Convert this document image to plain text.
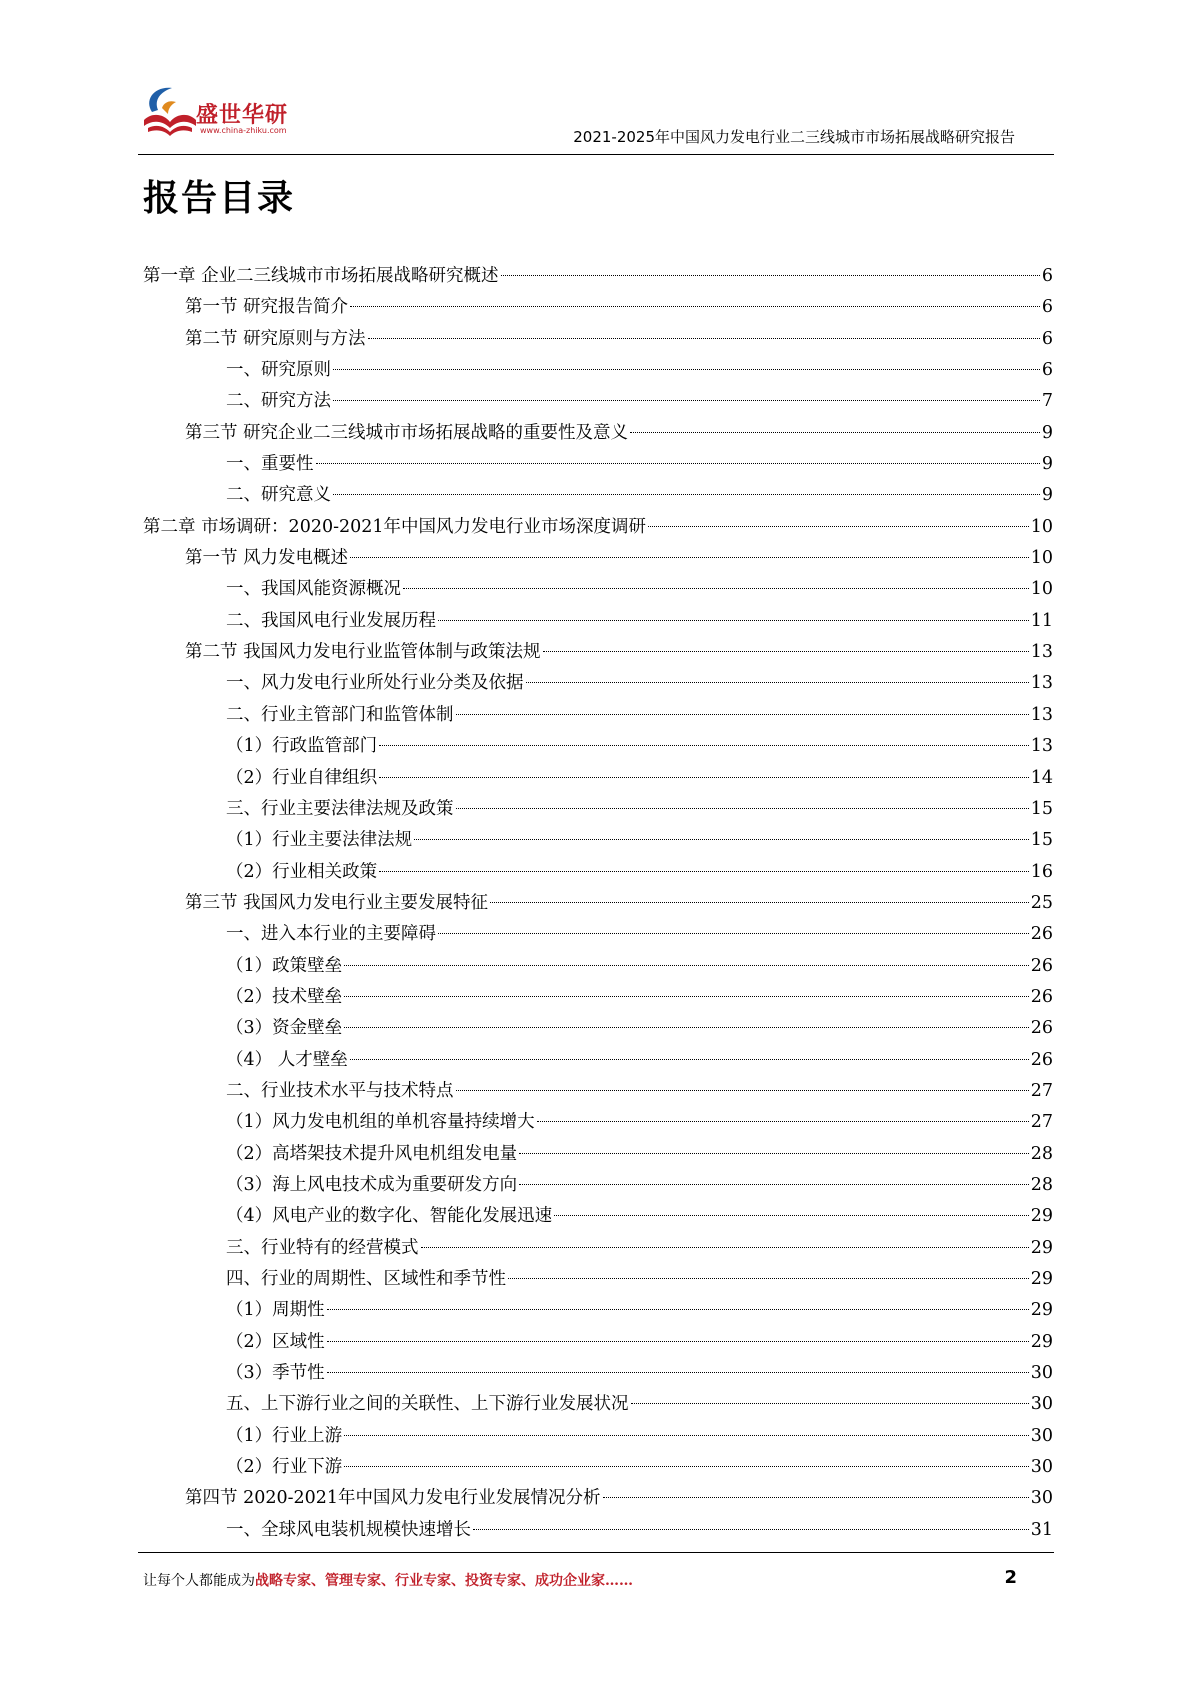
盛世华研
www.china-zhiku.com	2021-2025年中国风力发电行业二三线城市市场拓展战略研究报告
报告目录
第一章 企业二三线城市市场拓展战略研究概述	6
第一节 研究报告简介	6
第二节 研究原则与方法	6
一、研究原则	6
二、研究方法	7
第三节 研究企业二三线城市市场拓展战略的重要性及意义	9
一、重要性	9
二、研究意义	9
第二章 市场调研：2020-2021年中国风力发电行业市场深度调研	10
第一节 风力发电概述	10
一、我国风能资源概况	10
二、我国风电行业发展历程	11
第二节 我国风力发电行业监管体制与政策法规	13
一、风力发电行业所处行业分类及依据	13
二、行业主管部门和监管体制	13
（1）行政监管部门	13
（2）行业自律组织	14
三、行业主要法律法规及政策	15
（1）行业主要法律法规	15
（2）行业相关政策	16
第三节 我国风力发电行业主要发展特征	25
一、进入本行业的主要障碍	26
（1）政策壁垒	26
（2）技术壁垒	26
（3）资金壁垒	26
（4） 人才壁垒	26
二、行业技术水平与技术特点	27
（1）风力发电机组的单机容量持续增大	27
（2）高塔架技术提升风电机组发电量	28
（3）海上风电技术成为重要研发方向	28
（4）风电产业的数字化、智能化发展迅速	29
三、行业特有的经营模式	29
四、行业的周期性、区域性和季节性	29
（1）周期性	29
（2）区域性	29
（3）季节性	30
五、上下游行业之间的关联性、上下游行业发展状况	30
（1）行业上游	30
（2）行业下游	30
第四节 2020-2021年中国风力发电行业发展情况分析	30
一、全球风电装机规模快速增长	31
让每个人都能成为战略专家、管理专家、行业专家、投资专家、成功企业家……	2
